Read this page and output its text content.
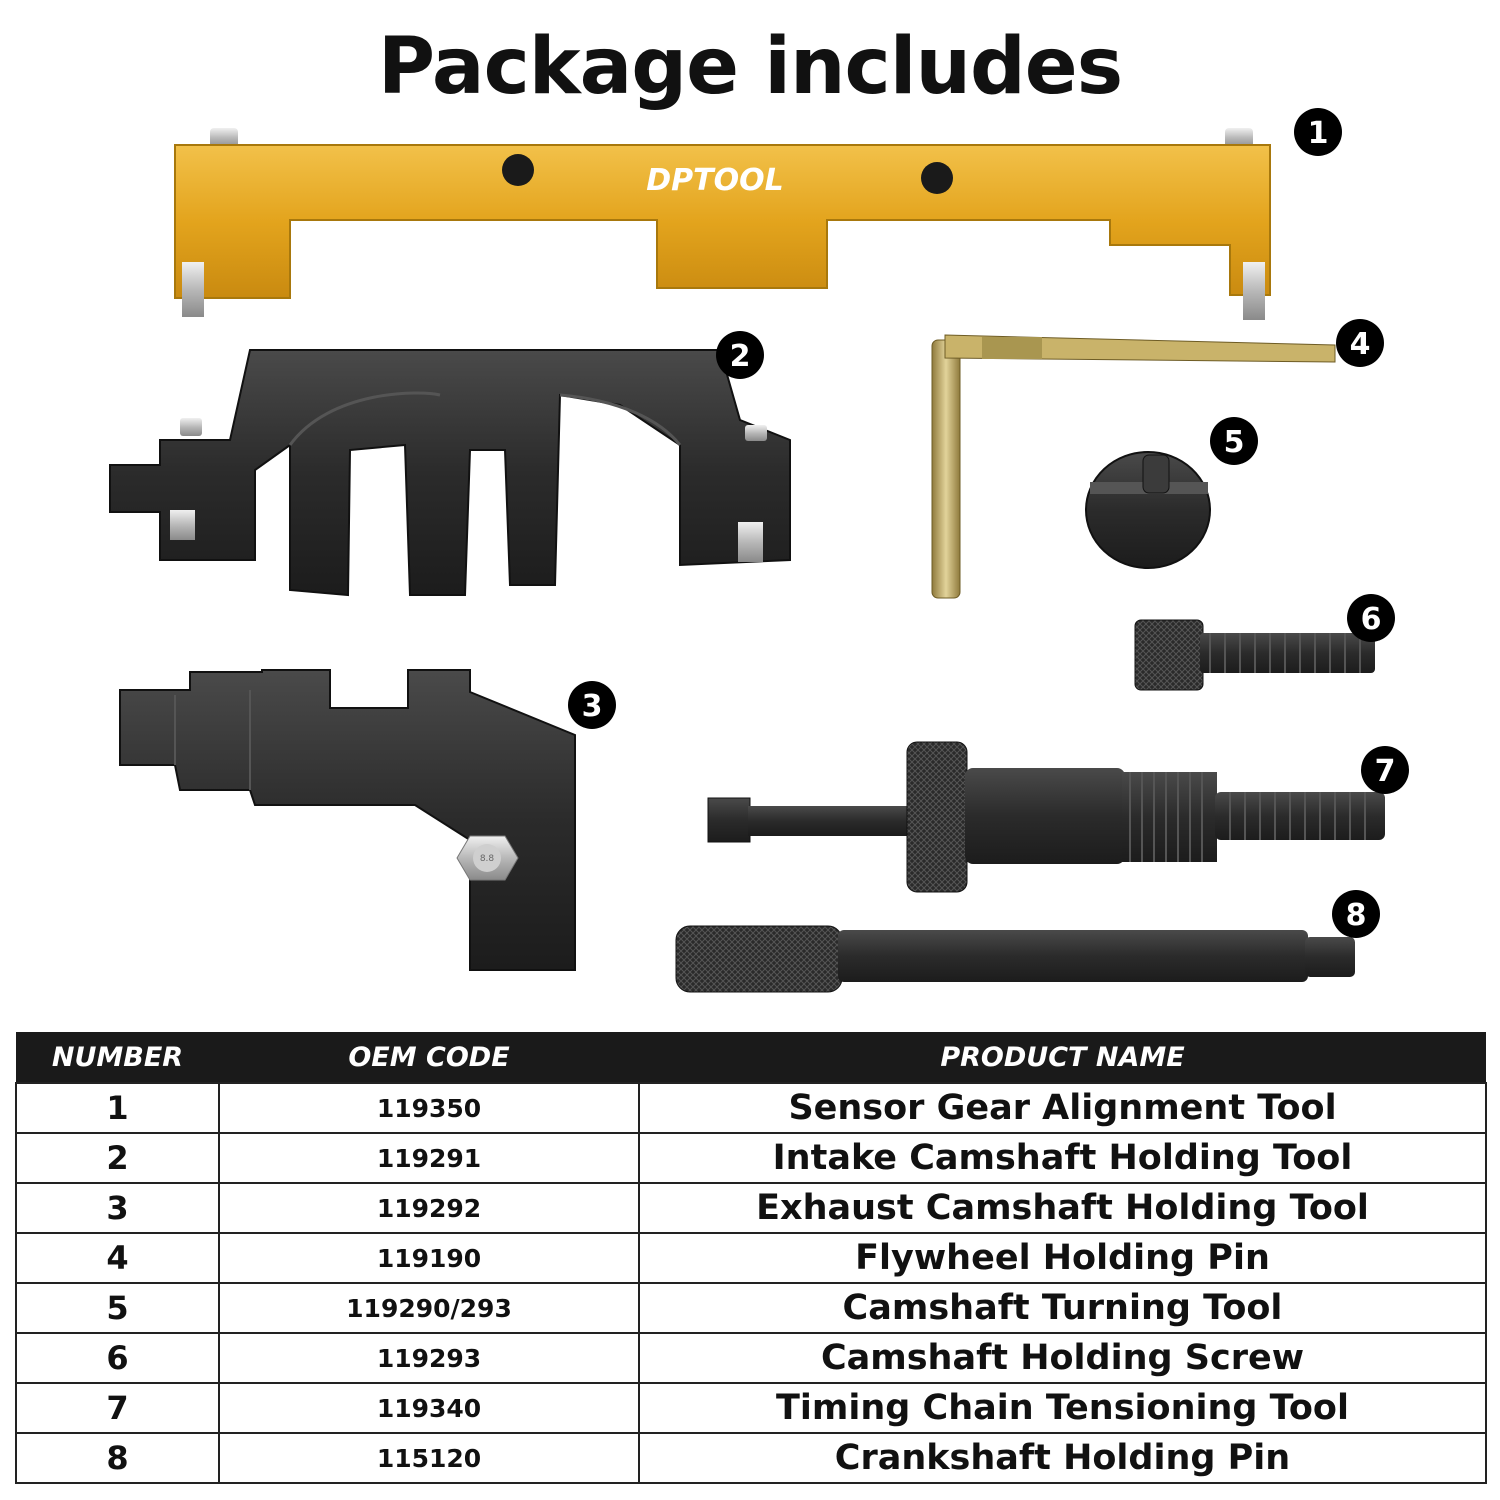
Package includes
DPTOOL
8.8
1
2
3
4
5
6
7
8
NUMBER	OEM CODE	PRODUCT NAME
1	119350	Sensor Gear Alignment Tool
2	119291	Intake Camshaft Holding Tool
3	119292	Exhaust Camshaft Holding Tool
4	119190	Flywheel Holding Pin
5	119290/293	Camshaft Turning Tool
6	119293	Camshaft Holding Screw
7	119340	Timing Chain Tensioning Tool
8	115120	Crankshaft Holding Pin
